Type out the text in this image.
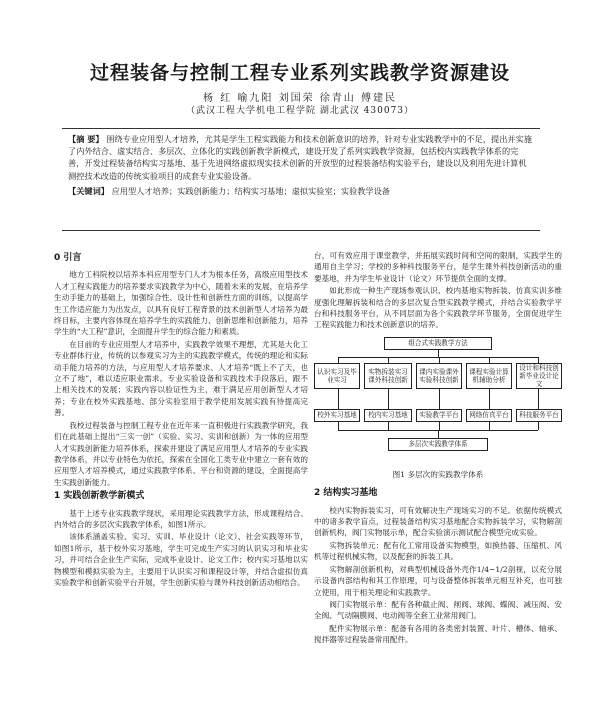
过程装备与控制工程专业系列实践教学资源建设
杨 红 喻九阳 刘国荣 徐青山 傅建民
（武汉工程大学机电工程学院 湖北武汉 430073）
【摘 要】 围绕专业应用型人才培养，尤其是学生工程实践能力和技术创新意识的培养，针对专业实践教学中的不足，提出并实施了内外结合、虚实结合、多层次、立体化的实践创新教学新模式，建设开发了系列实践教学资源，包括校内实践教学体系的完善，开发过程装备结构实习基地、基于先进网络虚拟现实技术创新的开放型的过程装备结构实验平台，建设以及利用先进计算机测控技术改造的传统实验项目的成套专业实验设备。
【关键词】 应用型人才培养；实践创新能力；结构实习基地；虚拟实验室；实验教学设备
0 引言

地方工科院校以培养本科应用型专门人才为根本任务，高级应用型技术人才工程实践能力的培养要求实践教学为中心，随着未来的发展，在培养学生动手能力的基础上，加强综合性、设计性和创新性方面的训练，以提高学生工作适应能力为出发点，以具有良好工程背景的技术创新型人才培养为最终目标，主要内容体现在培养学生的实践能力、创新思维和创新能力，培养学生的“大工程”意识，全面提升学生的综合能力和素质。

在目前的专业应用型人才培养中，实践教学效果不理想，尤其是大化工专业群体行业，传统的以参观实习为主的实践教学模式，传统的理论和实际动手能力培养的方法，与应用型人才培养要求、人才培养“既上不了天，也立不了地”，难以适应职业需求。专业实验设备和实践技术手段落后，跟不上相关技术的发展；实践内容以验证性为主，难于满足应用创新型人才培养；专业在校外实践基地、部分实验室用于教学使用发展实践有待提高完善。

我校过程装备与控制工程专业在近年来一直积极进行实践教学研究，我们在此基础上提出“三实一创”（实验、实习、实训和创新）为一体的应用型人才实践创新能力培养体系，探索并建设了满足应用型人才培养的专业实践教学体系，并以专业特色为依托，探索在全国化工类专业中建立一套有效的应用型人才培养模式，通过实践教学体系、平台和资源的建设，全面提高学生实践创新能力。

1 实践创新教学新模式

基于上述专业实践教学现状，采用理论实践教学方法，形成课程结合、内外结合的多层次实践教学体系，如图1所示。

该体系涵盖实验、实习、实训、毕业设计（论文）、社会实践等环节，如图1所示，基于校外实习基地，学生可完成生产实习的认识实习和毕业实习，并可结合企业生产实际，完成毕业设计、论文工作；校内实习基地以实物模型和模拟实验为主，主要用于认识实习和课程设计等，并结合虚拟仿真实验教学和创新实验平台开展，学生创新实验与课外科技创新活动相结合。

台，可有效应用于课堂教学，并拓展实践时间和空间的限制，实践学生的通用自主学习；学校的多种科技服务平台，是学生课外科技创新活动的重要基地，并为学生毕业设计（论文）环节提供全面的支撑。

如此形成一种生产现场参观认识、校内基地实物拆装、仿真实训多维度强化理解拆装和结合的多层次复合型实践教学模式，并结合实验教学平台和科技服务平台，从不同层面为各个实践教学环节服务，全面促进学生工程实践能力和技术创新意识的培养。

组合式实践教学方法
认识实习及毕业实习
实物拆装实习课外科技创新
课内实验课外实验科技创新
课程实验计算机辅助分析
设计和科技创新毕业设计论文
校外实习基地	校内实习基地	实验教学平台	网络仿真平台	科技服务平台
多层次实践教学体系
图1 多层次的实践教学体系
2 结构实习基地

校内实物拆装实习，可有效解决生产现场实习的不足。依据传统模式中的诸多教学盲点，过程装备结构实习基地配合实物拆装学习，实物解剖创新机构，阀门实物展示单，配合实验演示测试配合模型完成实验。

实物拆装单元：配有化工常用设备实物模型，如换热器、压缩机、风机等过程机械实物，以及配套的拆装工具。

实物解剖创新机构，对典型机械设备外壳作1/4~1/2剖视，以充分展示设备内部结构和其工作原理，可与设备整体拆装单元相互补充，也可独立使用，用于相关理论和实践教学。

阀门实物展示单：配有各种截止阀、闸阀、球阀、蝶阀、减压阀、安全阀、气动隔膜阀、电动阀等全套工业常用阀门。

配件实物展示单：配备有各用的各类密封装置、叶片、槽体、轴承、搅拌器等过程装备常用配件。
